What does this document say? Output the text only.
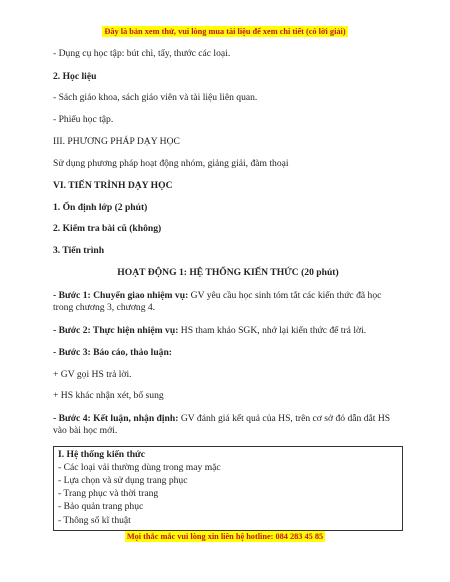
Đây là bản xem thử, vui lòng mua tài liệu để xem chi tiết (có lời giải)

- Dụng cụ học tập: bút chì, tẩy, thước các loại.

2. Học liệu

- Sách giáo khoa, sách giáo viên và tài liệu liên quan.

- Phiếu học tập.

III. PHƯƠNG PHÁP DẠY HỌC

Sử dụng phương pháp hoạt động nhóm, giảng giải, đàm thoại

VI. TIẾN TRÌNH DẠY HỌC

1. Ổn định lớp (2 phút)

2. Kiểm tra bài cũ (không)

3. Tiến trình

HOẠT ĐỘNG 1: HỆ THỐNG KIẾN THỨC (20 phút)

- Bước 1: Chuyển giao nhiệm vụ: GV yêu cầu học sinh tóm tắt các kiến thức đã học trong chương 3, chương 4.

- Bước 2: Thực hiện nhiệm vụ: HS tham khảo SGK, nhớ lại kiến thức để trả lời.

- Bước 3: Báo cáo, thảo luận:

+ GV gọi HS trả lời.

+ HS khác nhận xét, bổ sung

- Bước 4: Kết luận, nhận định: GV đánh giá kết quả của HS, trên cơ sở đó dẫn dắt HS vào bài học mới.

I. Hệ thống kiến thức
- Các loại vải thường dùng trong may mặc
- Lựa chọn và sử dụng trang phục
- Trang phục và thời trang
- Bảo quản trang phục
- Thông số kĩ thuật
Mọi thắc mắc vui lòng xin liên hệ hotline: 084 283 45 85
